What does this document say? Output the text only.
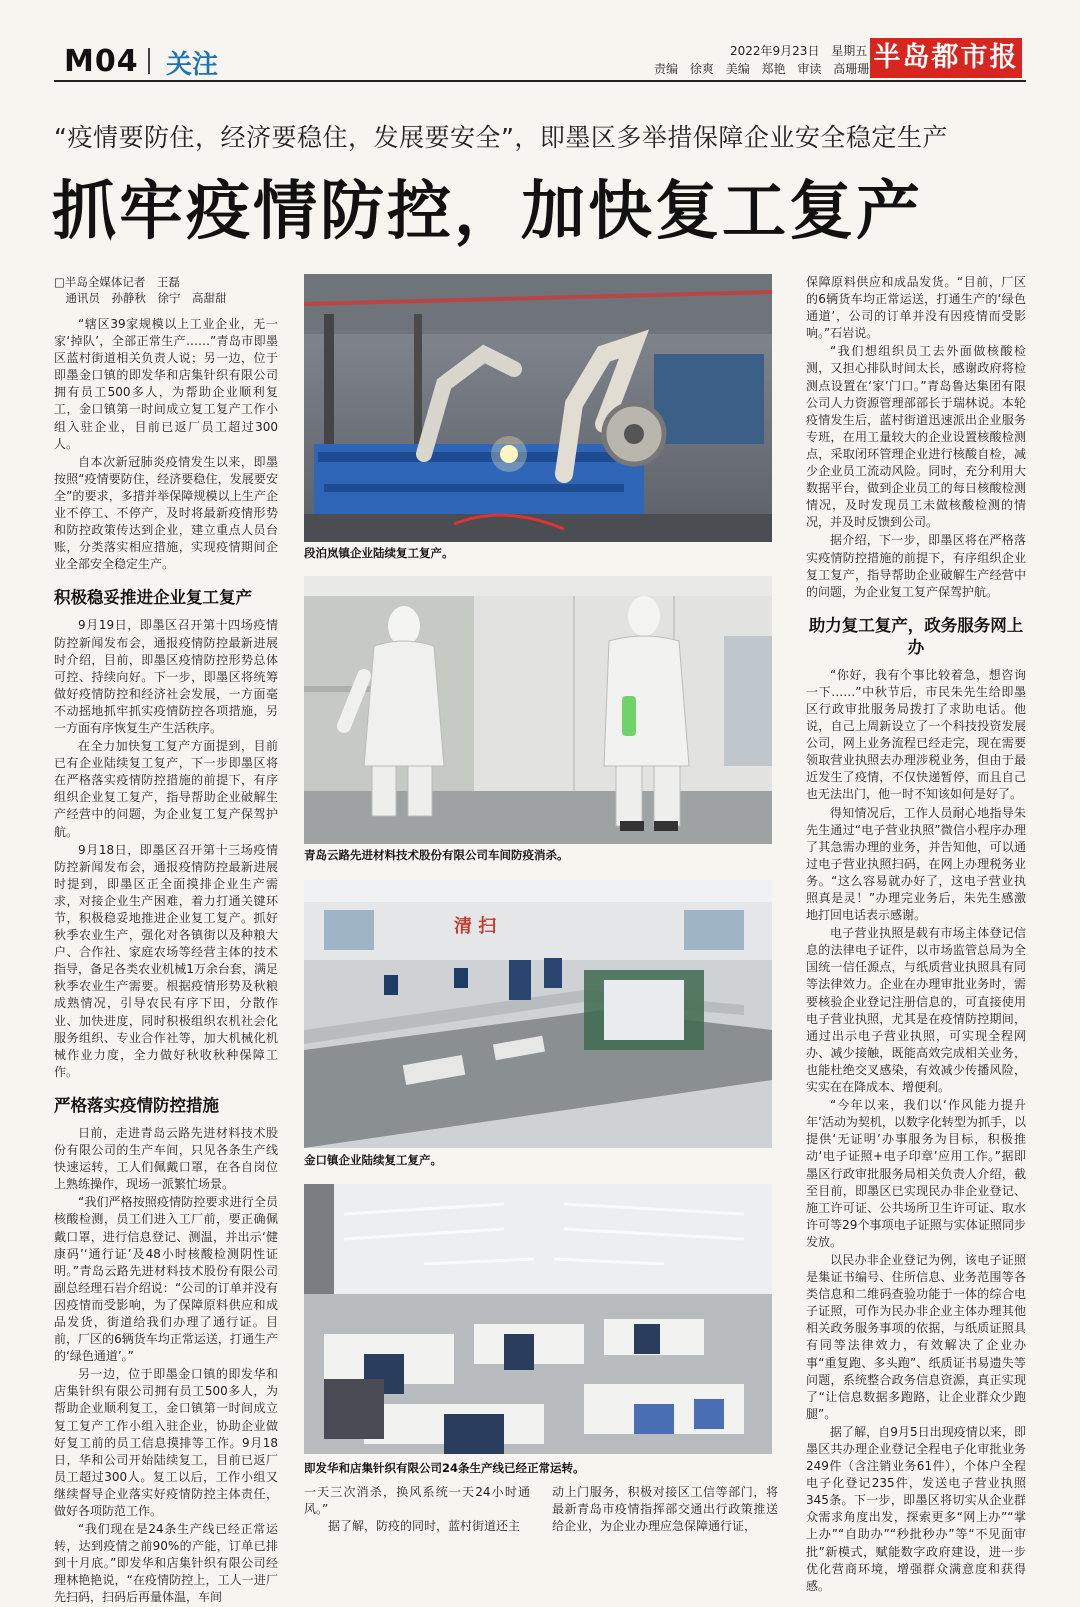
M04 关注	2022年9月23日 星期五
责编 徐爽 美编 郑艳 审读 高珊珊 半岛都市报
“疫情要防住，经济要稳住，发展要安全”，即墨区多举措保障企业安全稳定生产
抓牢疫情防控，加快复工复产
□半岛全媒体记者　王磊
　通讯员　孙静秋　徐宁　高甜甜

“辖区39家规模以上工业企业，无一家‘掉队’，全部正常生产……”青岛市即墨区蓝村街道相关负责人说；另一边，位于即墨金口镇的即发华和店集针织有限公司拥有员工500多人，为帮助企业顺利复工，金口镇第一时间成立复工复产工作小组入驻企业，目前已返厂员工超过300人。

自本次新冠肺炎疫情发生以来，即墨按照“疫情要防住，经济要稳住，发展要安全”的要求，多措并举保障规模以上生产企业不停工、不停产，及时将最新疫情形势和防控政策传达到企业，建立重点人员台账，分类落实相应措施，实现疫情期间企业全部安全稳定生产。

积极稳妥推进企业复工复产

9月19日，即墨区召开第十四场疫情防控新闻发布会，通报疫情防控最新进展时介绍，目前，即墨区疫情防控形势总体可控、持续向好。下一步，即墨区将统筹做好疫情防控和经济社会发展，一方面毫不动摇地抓牢抓实疫情防控各项措施，另一方面有序恢复生产生活秩序。

在全力加快复工复产方面提到，目前已有企业陆续复工复产，下一步即墨区将在严格落实疫情防控措施的前提下，有序组织企业复工复产，指导帮助企业破解生产经营中的问题，为企业复工复产保驾护航。

9月18日，即墨区召开第十三场疫情防控新闻发布会，通报疫情防控最新进展时提到，即墨区正全面摸排企业生产需求，对接企业生产困难，着力打通关键环节，积极稳妥地推进企业复工复产。抓好秋季农业生产，强化对各镇街以及种粮大户、合作社、家庭农场等经营主体的技术指导，备足各类农业机械1万余台套，满足秋季农业生产需要。根据疫情形势及秋粮成熟情况，引导农民有序下田，分散作业、加快进度，同时积极组织农机社会化服务组织、专业合作社等，加大机械化机械作业力度，全力做好秋收秋种保障工作。

严格落实疫情防控措施

日前，走进青岛云路先进材料技术股份有限公司的生产车间，只见各条生产线快速运转，工人们佩戴口罩，在各自岗位上熟练操作，现场一派繁忙场景。

“我们严格按照疫情防控要求进行全员核酸检测，员工们进入工厂前，要正确佩戴口罩，进行信息登记、测温，并出示‘健康码’‘通行证’及48小时核酸检测阴性证明。”青岛云路先进材料技术股份有限公司副总经理石岩介绍说：“公司的订单并没有因疫情而受影响，为了保障原料供应和成品发货，街道给我们办理了通行证。目前，厂区的6辆货车均正常运送，打通生产的‘绿色通道’。”

另一边，位于即墨金口镇的即发华和店集针织有限公司拥有员工500多人，为帮助企业顺利复工，金口镇第一时间成立复工复产工作小组入驻企业，协助企业做好复工前的员工信息摸排等工作。9月18日，华和公司开始陆续复工，目前已返厂员工超过300人。复工以后，工作小组又继续督导企业落实好疫情防控主体责任，做好各项防范工作。

“我们现在是24条生产线已经正常运转，达到疫情之前90%的产能，订单已排到十月底。”即发华和店集针织有限公司经理林艳艳说，“在疫情防控上，工人一进厂先扫码，扫码后再量体温，车间

段泊岚镇企业陆续复工复产。
青岛云路先进材料技术股份有限公司车间防疫消杀。
清 扫
金口镇企业陆续复工复产。
即发华和店集针织有限公司24条生产线已经正常运转。

一天三次消杀，换风系统一天24小时通风。”

据了解，防疫的同时，蓝村街道还主

动上门服务，积极对接区工信等部门，将最新青岛市疫情指挥部交通出行政策推送给企业，为企业办理应急保障通行证，

保障原料供应和成品发货。“目前，厂区的6辆货车均正常运送，打通生产的‘绿色通道’，公司的订单并没有因疫情而受影响。”石岩说。

“我们想组织员工去外面做核酸检测，又担心排队时间太长，感谢政府将检测点设置在‘家’门口。”青岛鲁达集团有限公司人力资源管理部部长于瑞林说。本轮疫情发生后，蓝村街道迅速派出企业服务专班，在用工量较大的企业设置核酸检测点，采取闭环管理企业进行核酸自检，减少企业员工流动风险。同时，充分利用大数据平台，做到企业员工的每日核酸检测情况，及时发现员工未做核酸检测的情况，并及时反馈到公司。

据介绍，下一步，即墨区将在严格落实疫情防控措施的前提下，有序组织企业复工复产，指导帮助企业破解生产经营中的问题，为企业复工复产保驾护航。

助力复工复产，政务服务网上办

“你好，我有个事比较着急，想咨询一下……”中秋节后，市民朱先生给即墨区行政审批服务局拨打了求助电话。他说，自己上周新设立了一个科技投资发展公司，网上业务流程已经走完，现在需要领取营业执照去办理涉税业务，但由于最近发生了疫情，不仅快递暂停，而且自己也无法出门，他一时不知该如何是好了。

得知情况后，工作人员耐心地指导朱先生通过“电子营业执照”微信小程序办理了其急需办理的业务，并告知他，可以通过电子营业执照扫码，在网上办理税务业务。“这么容易就办好了，这电子营业执照真是灵！”办理完业务后，朱先生感激地打回电话表示感谢。

电子营业执照是载有市场主体登记信息的法律电子证件，以市场监管总局为全国统一信任源点，与纸质营业执照具有同等法律效力。企业在办理审批业务时，需要核验企业登记注册信息的，可直接使用电子营业执照，尤其是在疫情防控期间，通过出示电子营业执照，可实现全程网办、减少接触，既能高效完成相关业务，也能杜绝交叉感染，有效减少传播风险，实实在在降成本、增便利。

“今年以来，我们以‘作风能力提升年’活动为契机，以数字化转型为抓手，以提供‘无证明’办事服务为目标，积极推动‘电子证照+电子印章’应用工作。”据即墨区行政审批服务局相关负责人介绍，截至目前，即墨区已实现民办非企业登记、施工许可证、公共场所卫生许可证、取水许可等29个事项电子证照与实体证照同步发放。

以民办非企业登记为例，该电子证照是集证书编号、住所信息、业务范围等各类信息和二维码查验功能于一体的综合电子证照，可作为民办非企业主体办理其他相关政务服务事项的依据，与纸质证照具有同等法律效力，有效解决了企业办事“重复跑、多头跑”、纸质证书易遗失等问题，系统整合政务信息资源，真正实现了“让信息数据多跑路，让企业群众少跑腿”。

据了解，自9月5日出现疫情以来，即墨区共办理企业登记全程电子化审批业务249件（含注销业务61件），个体户全程电子化登记235件，发送电子营业执照345条。下一步，即墨区将切实从企业群众需求角度出发，探索更多“网上办”“掌上办”“自助办”“秒批秒办”等“不见面审批”新模式，赋能数字政府建设，进一步优化营商环境，增强群众满意度和获得感。
